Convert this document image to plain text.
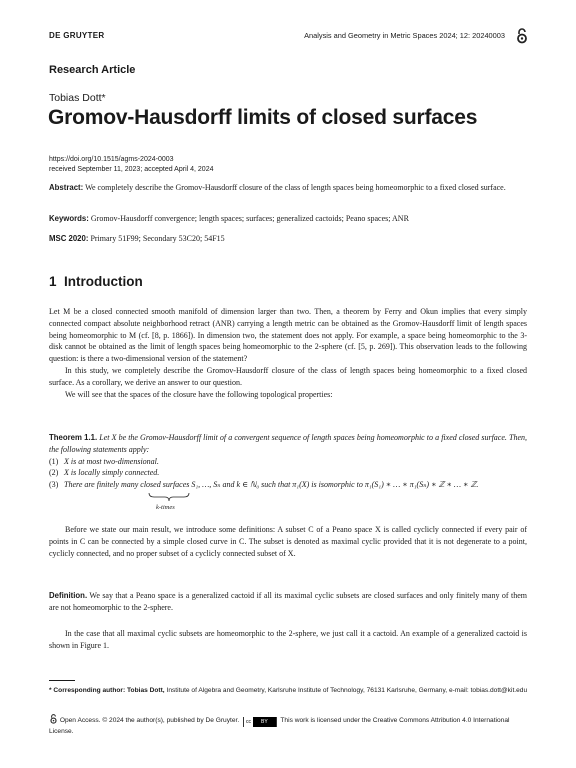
DE GRUYTER	Analysis and Geometry in Metric Spaces 2024; 12: 20240003
Research Article
Tobias Dott*
Gromov-Hausdorff limits of closed surfaces
https://doi.org/10.1515/agms-2024-0003
received September 11, 2023; accepted April 4, 2024
Abstract: We completely describe the Gromov-Hausdorff closure of the class of length spaces being homeomorphic to a fixed closed surface.
Keywords: Gromov-Hausdorff convergence; length spaces; surfaces; generalized cactoids; Peano spaces; ANR
MSC 2020: Primary 51F99; Secondary 53C20; 54F15
1 Introduction

Let M be a closed connected smooth manifold of dimension larger than two. Then, a theorem by Ferry and Okun implies that every simply connected compact absolute neighborhood retract (ANR) carrying a length metric can be obtained as the Gromov-Hausdorff limit of length spaces being homeomorphic to M (cf. [8, p. 1866]). In dimension two, the statement does not apply. For example, a space being homeomorphic to the 3-disk cannot be obtained as the limit of length spaces being homeomorphic to the 2-sphere (cf. [5, p. 269]). This observation leads to the following question: is there a two-dimensional version of the statement?

In this study, we completely describe the Gromov-Hausdorff closure of the class of length spaces being homeomorphic to a fixed closed surface. As a corollary, we derive an answer to our question.

We will see that the spaces of the closure have the following topological properties:

Theorem 1.1. Let X be the Gromov-Hausdorff limit of a convergent sequence of length spaces being homeomorphic to a fixed closed surface. Then, the following statements apply:
(1) X is at most two-dimensional.
(2) X is locally simply connected.
(3) There are finitely many closed surfaces S₁, …, Sₙ and k ∈ ℕ₀ such that π₁(X) is isomorphic to π₁(S₁) ∗ … ∗ π₁(Sₙ) ∗ ℤ ∗ … ∗ ℤ.
k-times

Before we state our main result, we introduce some definitions: A subset C of a Peano space X is called cyclicly connected if every pair of points in C can be connected by a simple closed curve in C. The subset is denoted as maximal cyclic provided that it is not degenerate to a point, cyclicly connected, and no proper subset of a cyclicly connected subset of X.

Definition. We say that a Peano space is a generalized cactoid if all its maximal cyclic subsets are closed surfaces and only finitely many of them are not homeomorphic to the 2-sphere.

In the case that all maximal cyclic subsets are homeomorphic to the 2-sphere, we just call it a cactoid. An example of a generalized cactoid is shown in Figure 1.

* Corresponding author: Tobias Dott, Institute of Algebra and Geometry, Karlsruhe Institute of Technology, 76131 Karlsruhe, Germany, e-mail: tobias.dott@kit.edu
Open Access. © 2024 the author(s), published by De Gruyter.	cc	BY	This work is licensed under the Creative Commons Attribution 4.0 International License.
